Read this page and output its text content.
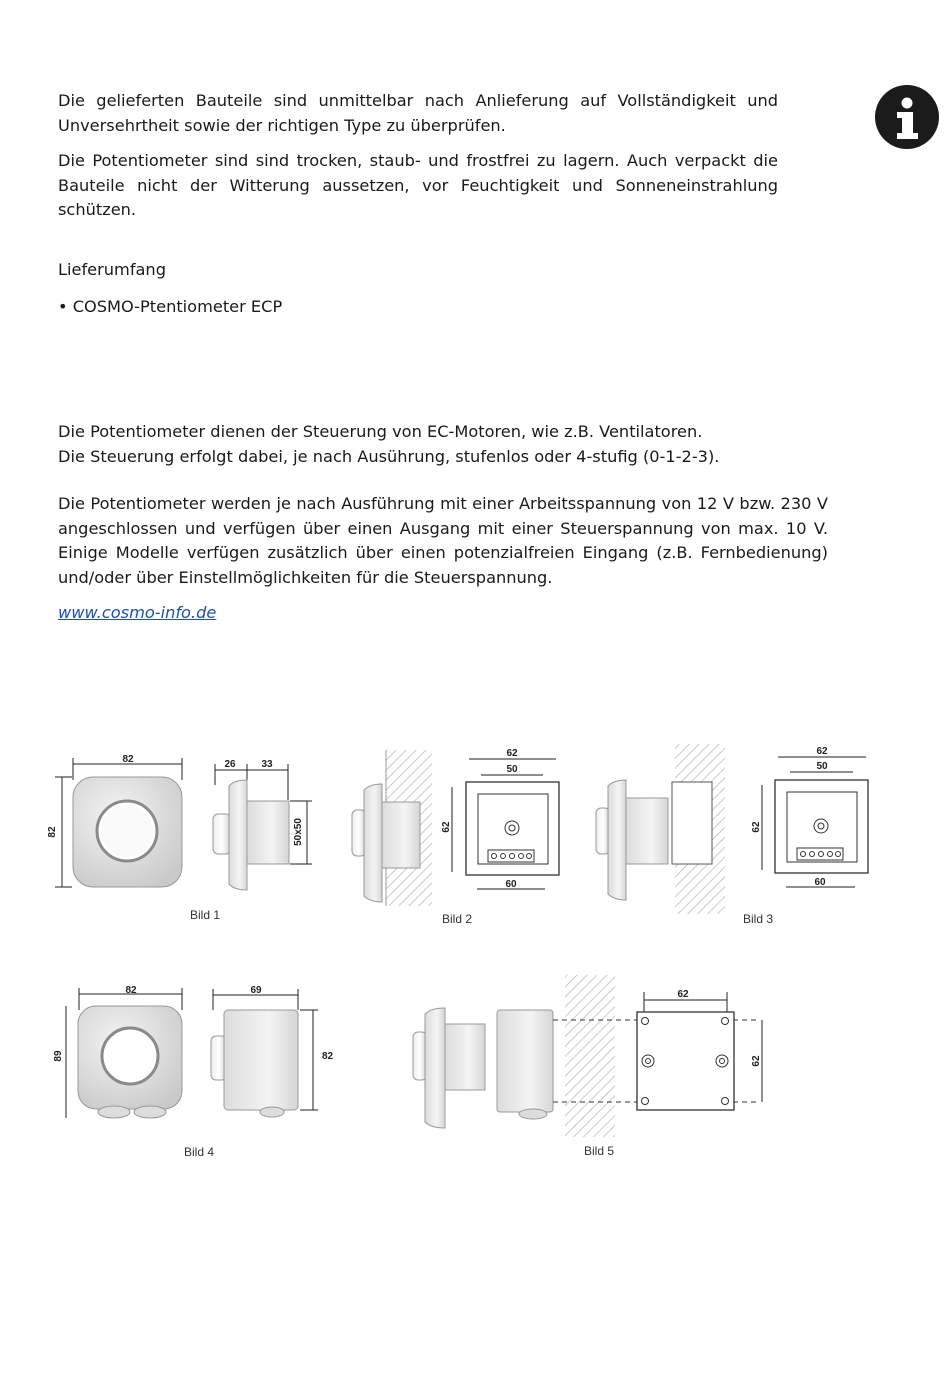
Die gelieferten Bauteile sind unmittelbar nach Anlieferung auf Vollständigkeit und Unversehrtheit sowie der richtigen Type zu überprüfen.

Die Potentiometer sind sind trocken, staub- und frostfrei zu lagern. Auch verpackt die Bauteile nicht der Witterung aussetzen, vor Feuchtigkeit und Sonneneinstrahlung schützen.

Lieferumfang
• COSMO-Ptentiometer ECP

Die Potentiometer dienen der Steuerung von EC-Motoren, wie z.B. Ventilatoren.

Die Steuerung erfolgt dabei, je nach Ausührung, stufenlos oder 4-stufig (0-1-2-3).

Die Potentiometer werden je nach Ausführung mit einer Arbeitsspannung von 12 V bzw. 230 V angeschlossen und verfügen über einen Ausgang mit einer Steuerspannung von max. 10 V. Einige Modelle verfügen zusätzlich über einen potenzialfreien Eingang (z.B. Fernbedienung) und/oder über Einstellmöglichkeiten für die Steuerspannung.

www.cosmo-info.de
82
82
26	33
50x50
Bild 1
62
50
62
60
Bild 2
62
50
62
60
Bild 3
82
89
69
82
Bild 4
62
62
Bild 5
